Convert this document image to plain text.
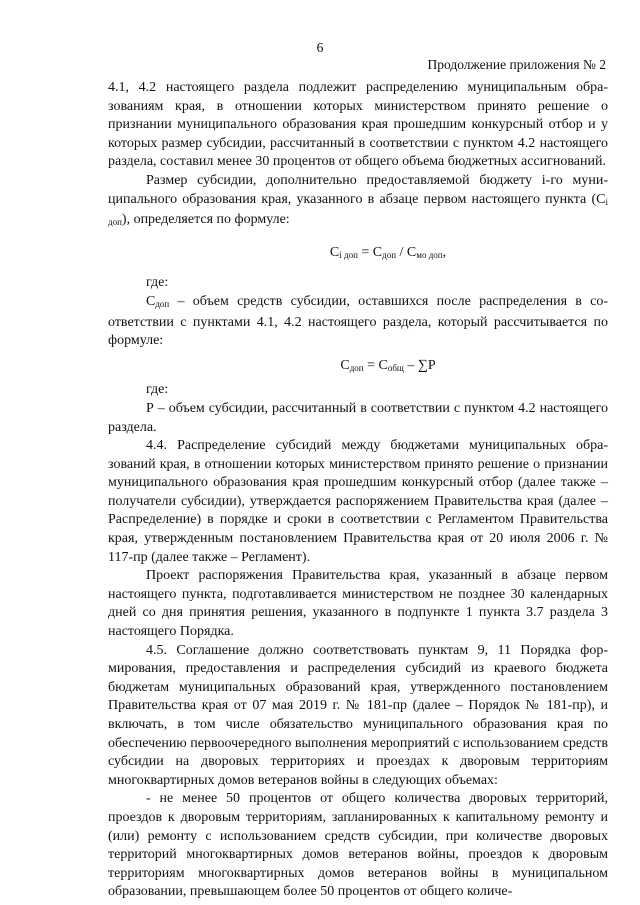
6
Продолжение приложения № 2

4.1, 4.2 настоящего раздела подлежит распределению муниципальным образованиям края, в отношении которых министерством принято решение о признании муниципального образования края прошедшим конкурсный отбор и у которых размер субсидии, рассчитанный в соответствии с пунктом 4.2 настоящего раздела, составил менее 30 процентов от общего объема бюджетных ассигнований.

Размер субсидии, дополнительно предоставляемой бюджету i-го муниципального образования края, указанного в абзаце первом настоящего пункта $(C_{i доп})$, определяется по формуле:

$C_{i доп} = С_{доп} / С_{мо доп}$,

где:

$С_{доп}$ – объем средств субсидии, оставшихся после распределения в соответствии с пунктами 4.1, 4.2 настоящего раздела, который рассчитывается по формуле:

$С_{доп} = С_{общ} - \sum Р$

где:

Р – объем субсидии, рассчитанный в соответствии с пунктом 4.2 настоящего раздела.

4.4. Распределение субсидий между бюджетами муниципальных образований края, в отношении которых министерством принято решение о признании муниципального образования края прошедшим конкурсный отбор (далее также – получатели субсидии), утверждается распоряжением Правительства края (далее – Распределение) в порядке и сроки в соответствии с Регламентом Правительства края, утвержденным постановлением Правительства края от 20 июля 2006 г. № 117-пр (далее также – Регламент).

Проект распоряжения Правительства края, указанный в абзаце первом настоящего пункта, подготавливается министерством не позднее 30 календарных дней со дня принятия решения, указанного в подпункте 1 пункта 3.7 раздела 3 настоящего Порядка.

4.5. Соглашение должно соответствовать пунктам 9, 11 Порядка формирования, предоставления и распределения субсидий из краевого бюджета бюджетам муниципальных образований края, утвержденного постановлением Правительства края от 07 мая 2019 г. № 181-пр (далее – Порядок № 181-пр), и включать, в том числе обязательство муниципального образования края по обеспечению первоочередного выполнения мероприятий с использованием средств субсидии на дворовых территориях и проездах к дворовым территориям многоквартирных домов ветеранов войны в следующих объемах:

- не менее 50 процентов от общего количества дворовых территорий, проездов к дворовым территориям, запланированных к капитальному ремонту и (или) ремонту с использованием средств субсидии, при количестве дворовых территорий многоквартирных домов ветеранов войны, проездов к дворовым территориям многоквартирных домов ветеранов войны в муниципальном образовании, превышающем более 50 процентов от общего количе-
